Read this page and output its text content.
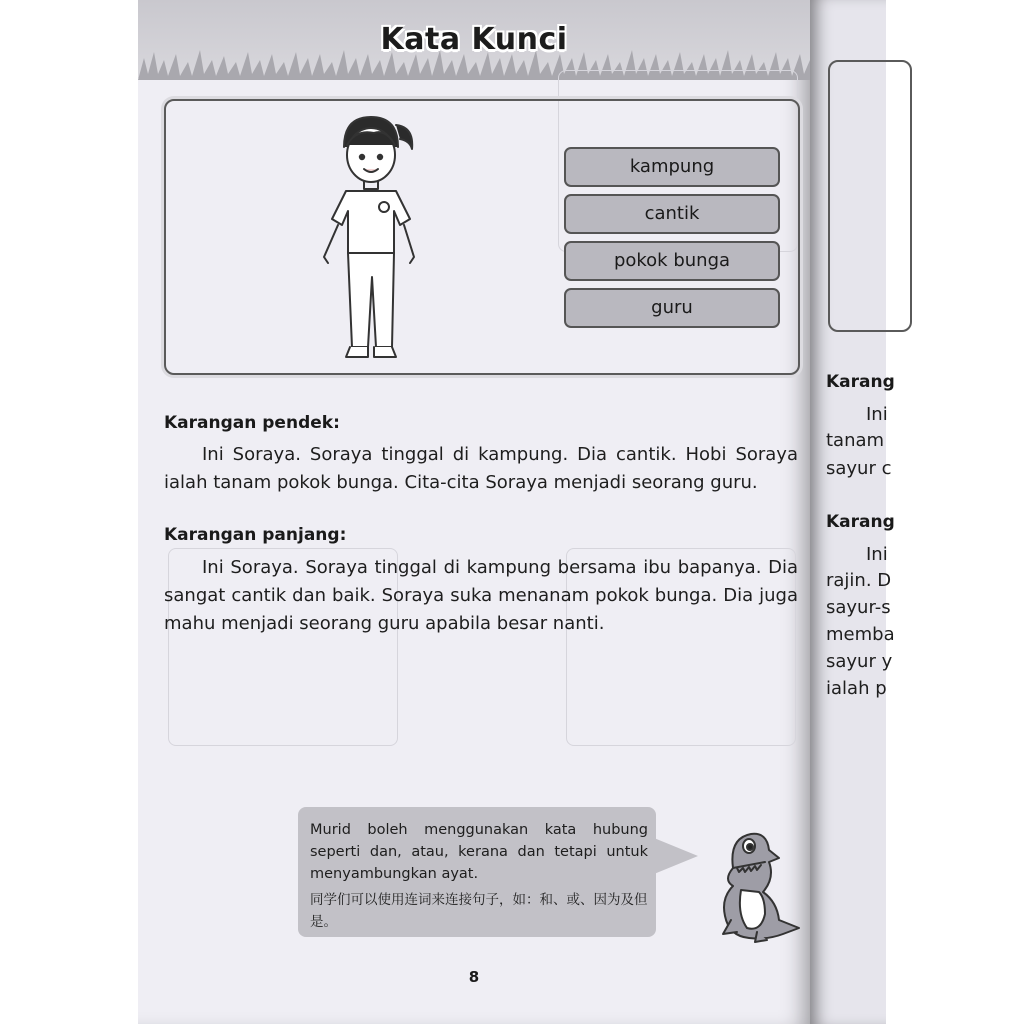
Kata Kunci
kampung
cantik
pokok bunga
guru
Karangan pendek:
Ini Soraya. Soraya tinggal di kampung. Dia cantik. Hobi Soraya ialah tanam pokok bunga. Cita-cita Soraya menjadi seorang guru.
Karangan panjang:
Ini Soraya. Soraya tinggal di kampung bersama ibu bapanya. Dia sangat cantik dan baik. Soraya suka menanam pokok bunga. Dia juga mahu menjadi seorang guru apabila besar nanti.
Murid boleh menggunakan kata hubung seperti dan, atau, kerana dan tetapi untuk menyambungkan ayat.
同学们可以使用连词来连接句子，如：和、或、因为及但是。
8
Karang
Ini
tanam
sayur c
Karang
Ini
rajin. D
sayur-s
memba
sayur y
ialah p
